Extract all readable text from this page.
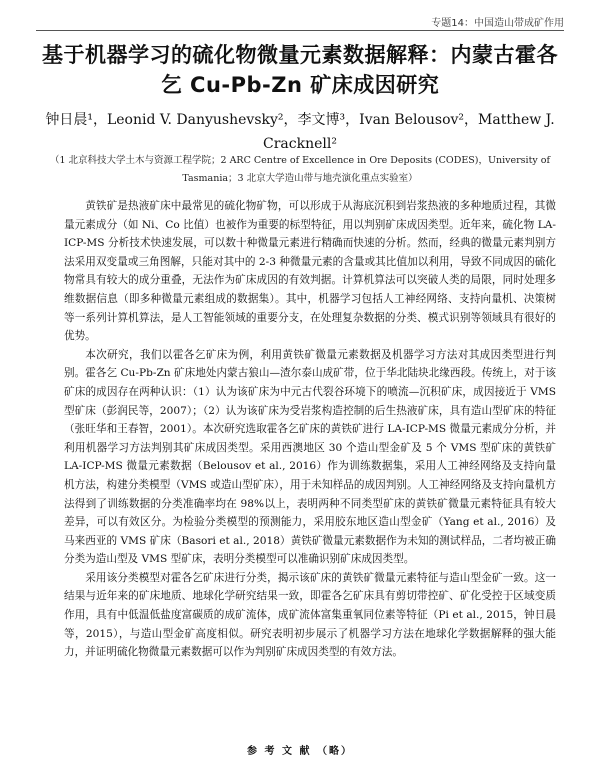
专题14：中国造山带成矿作用
基于机器学习的硫化物微量元素数据解释：内蒙古霍各乞 Cu-Pb-Zn 矿床成因研究
钟日晨¹，Leonid V. Danyushevsky²，李文博³，Ivan Belousov²，Matthew J. Cracknell²
（1 北京科技大学土木与资源工程学院；2 ARC Centre of Excellence in Ore Deposits (CODES)，University of Tasmania；3 北京大学造山带与地壳演化重点实验室）

黄铁矿是热液矿床中最常见的硫化物矿物，可以形成于从海底沉积到岩浆热液的多种地质过程，其微量元素成分（如 Ni、Co 比值）也被作为重要的标型特征，用以判别矿床成因类型。近年来，硫化物 LA-ICP-MS 分析技术快速发展，可以数十种微量元素进行精确而快速的分析。然而，经典的微量元素判别方法采用双变量或三角图解，只能对其中的 2-3 种微量元素的含量或其比值加以利用，导致不同成因的硫化物常具有较大的成分重叠，无法作为矿床成因的有效判据。计算机算法可以突破人类的局限，同时处理多维数据信息（即多种微量元素组成的数据集）。其中，机器学习包括人工神经网络、支持向量机、决策树等一系列计算机算法，是人工智能领域的重要分支，在处理复杂数据的分类、模式识别等领域具有很好的优势。

本次研究，我们以霍各乞矿床为例，利用黄铁矿微量元素数据及机器学习方法对其成因类型进行判别。霍各乞 Cu-Pb-Zn 矿床地处内蒙古狼山—渣尔泰山成矿带，位于华北陆块北缘西段。传统上，对于该矿床的成因存在两种认识：（1）认为该矿床为中元古代裂谷环境下的喷流—沉积矿床，成因接近于 VMS 型矿床（彭润民等，2007）；（2）认为该矿床为受岩浆构造控制的后生热液矿床，具有造山型矿床的特征（张旺华和王春智，2001）。本次研究选取霍各乞矿床的黄铁矿进行 LA-ICP-MS 微量元素成分分析，并利用机器学习方法判别其矿床成因类型。采用西澳地区 30 个造山型金矿及 5 个 VMS 型矿床的黄铁矿 LA-ICP-MS 微量元素数据（Belousov et al., 2016）作为训练数据集，采用人工神经网络及支持向量机方法，构建分类模型（VMS 或造山型矿床），用于未知样品的成因判别。人工神经网络及支持向量机方法得到了训练数据的分类准确率均在 98%以上，表明两种不同类型矿床的黄铁矿微量元素特征具有较大差异，可以有效区分。为检验分类模型的预测能力，采用胶东地区造山型金矿（Yang et al., 2016）及马来西亚的 VMS 矿床（Basori et al., 2018）黄铁矿微量元素数据作为未知的测试样品，二者均被正确分类为造山型及 VMS 型矿床，表明分类模型可以准确识别矿床成因类型。

采用该分类模型对霍各乞矿床进行分类，揭示该矿床的黄铁矿微量元素特征与造山型金矿一致。这一结果与近年来的矿床地质、地球化学研究结果一致，即霍各乞矿床具有剪切带控矿、矿化受控于区域变质作用，具有中低温低盐度富碳质的成矿流体，成矿流体富集重氧同位素等特征（Pi et al., 2015，钟日晨等，2015），与造山型金矿高度相似。研究表明初步展示了机器学习方法在地球化学数据解释的强大能力，并证明硫化物微量元素数据可以作为判别矿床成因类型的有效方法。

参 考 文 献 （略）
